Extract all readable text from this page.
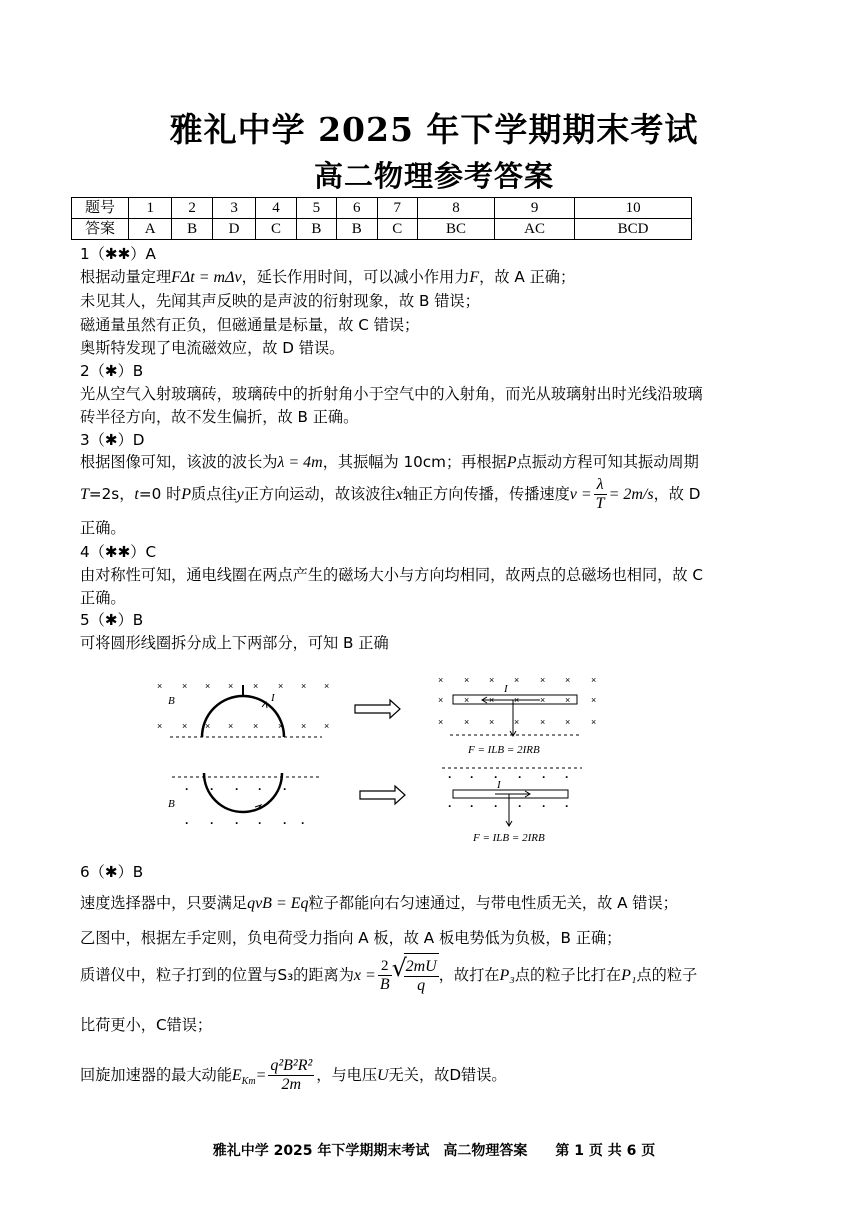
雅礼中学 2025 年下学期期末考试
高二物理参考答案
题号	1	2	3	4	5	6	7	8	9	10
答案	A	B	D	C	B	B	C	BC	AC	BCD
1（✱✱）A
根据动量定理FΔt = mΔv，延长作用时间，可以减小作用力F，故 A 正确；
未见其人，先闻其声反映的是声波的衍射现象，故 B 错误；
磁通量虽然有正负，但磁通量是标量，故 C 错误；
奥斯特发现了电流磁效应，故 D 错误。
2（✱）B
光从空气入射玻璃砖，玻璃砖中的折射角小于空气中的入射角，而光从玻璃射出时光线沿玻璃
砖半径方向，故不发生偏折，故 B 正确。
3（✱）D
根据图像可知，该波的波长为λ = 4m，其振幅为 10cm；再根据P点振动方程可知其振动周期
T=2s，t=0 时P质点往y正方向运动，故该波往x轴正方向传播，传播速度$v = \frac{\lambda}{T} = 2m/s$，故 D
正确。
4（✱✱）C
由对称性可知，通电线圈在两点产生的磁场大小与方向均相同，故两点的总磁场也相同，故 C
正确。
5（✱）B
可将圆形线圈拆分成上下两部分，可知 B 正确
× × × × × × × ×
× × × × × × × ×
B	I
× × × × × × ×
× × × × × × ×
× × × × × × ×
I
F = ILB = 2IRB
B
· · · · ·
· · · · · ·
· · · · · ·
· · · · · ·
I
F = ILB = 2IRB
6（✱）B
速度选择器中，只要满足qvB = Eq粒子都能向右匀速通过，与带电性质无关，故 A 错误；
乙图中，根据左手定则，负电荷受力指向 A 板，故 A 板电势低为负极，B 正确；
质谱仪中，粒子打到的位置与S₃的距离为$x = \frac{2}{B}$ √ $\frac{2mU}{q}$ ，故打在P₃点的粒子比打在P₁点的粒子
比荷更小，C错误；
回旋加速器的最大动能$E_{Km}= \frac{\text{q²B²R²}}{2m}$ ，与电压U无关，故D错误。
雅礼中学 2025 年下学期期末考试　高二物理答案　　第 1 页 共 6 页
